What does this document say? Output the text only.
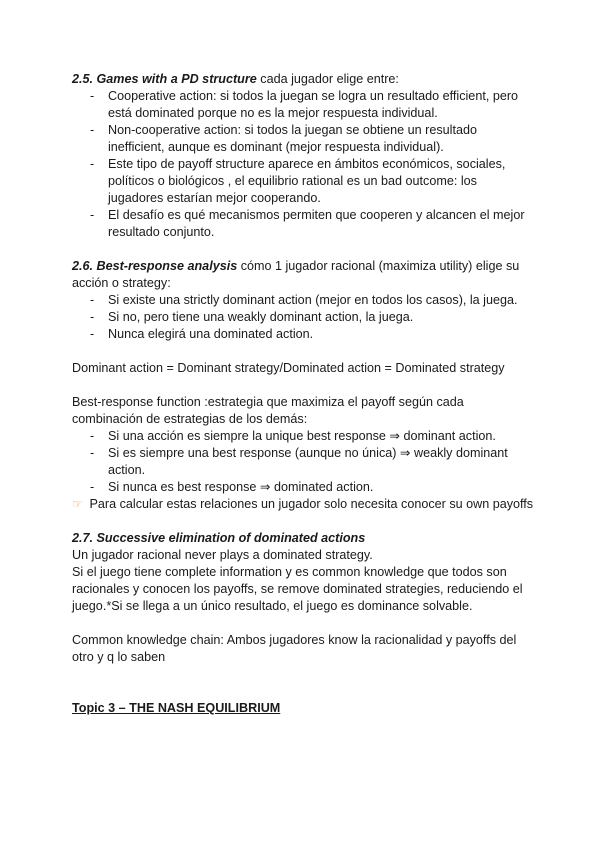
2.5. Games with a PD structure cada jugador elige entre:

- Cooperative action: si todos la juegan se logra un resultado efficient, pero está dominated porque no es la mejor respuesta individual.
- Non-cooperative action: si todos la juegan se obtiene un resultado inefficient, aunque es dominant (mejor respuesta individual).
- Este tipo de payoff structure aparece en ámbitos económicos, sociales, políticos o biológicos , el equilibrio rational es un bad outcome: los jugadores estarían mejor cooperando.
- El desafío es qué mecanismos permiten que cooperen y alcancen el mejor resultado conjunto.

2.6. Best-response analysis cómo 1 jugador racional (maximiza utility) elige su acción o strategy:

- Si existe una strictly dominant action (mejor en todos los casos), la juega.
- Si no, pero tiene una weakly dominant action, la juega.
- Nunca elegirá una dominated action.

Dominant action = Dominant strategy/Dominated action = Dominated strategy

Best-response function :estrategia que maximiza el payoff según cada combinación de estrategias de los demás:

- Si una acción es siempre la unique best response ⇒ dominant action.
- Si es siempre una best response (aunque no única) ⇒ weakly dominant action.
- Si nunca es best response ⇒ dominated action.

☞ Para calcular estas relaciones un jugador solo necesita conocer su own payoffs

2.7. Successive elimination of dominated actions

Un jugador racional never plays a dominated strategy.

Si el juego tiene complete information y es common knowledge que todos son racionales y conocen los payoffs, se remove dominated strategies, reduciendo el juego.*Si se llega a un único resultado, el juego es dominance solvable.

Common knowledge chain: Ambos jugadores know la racionalidad y payoffs del otro y q lo saben

Topic 3 – THE NASH EQUILIBRIUM
